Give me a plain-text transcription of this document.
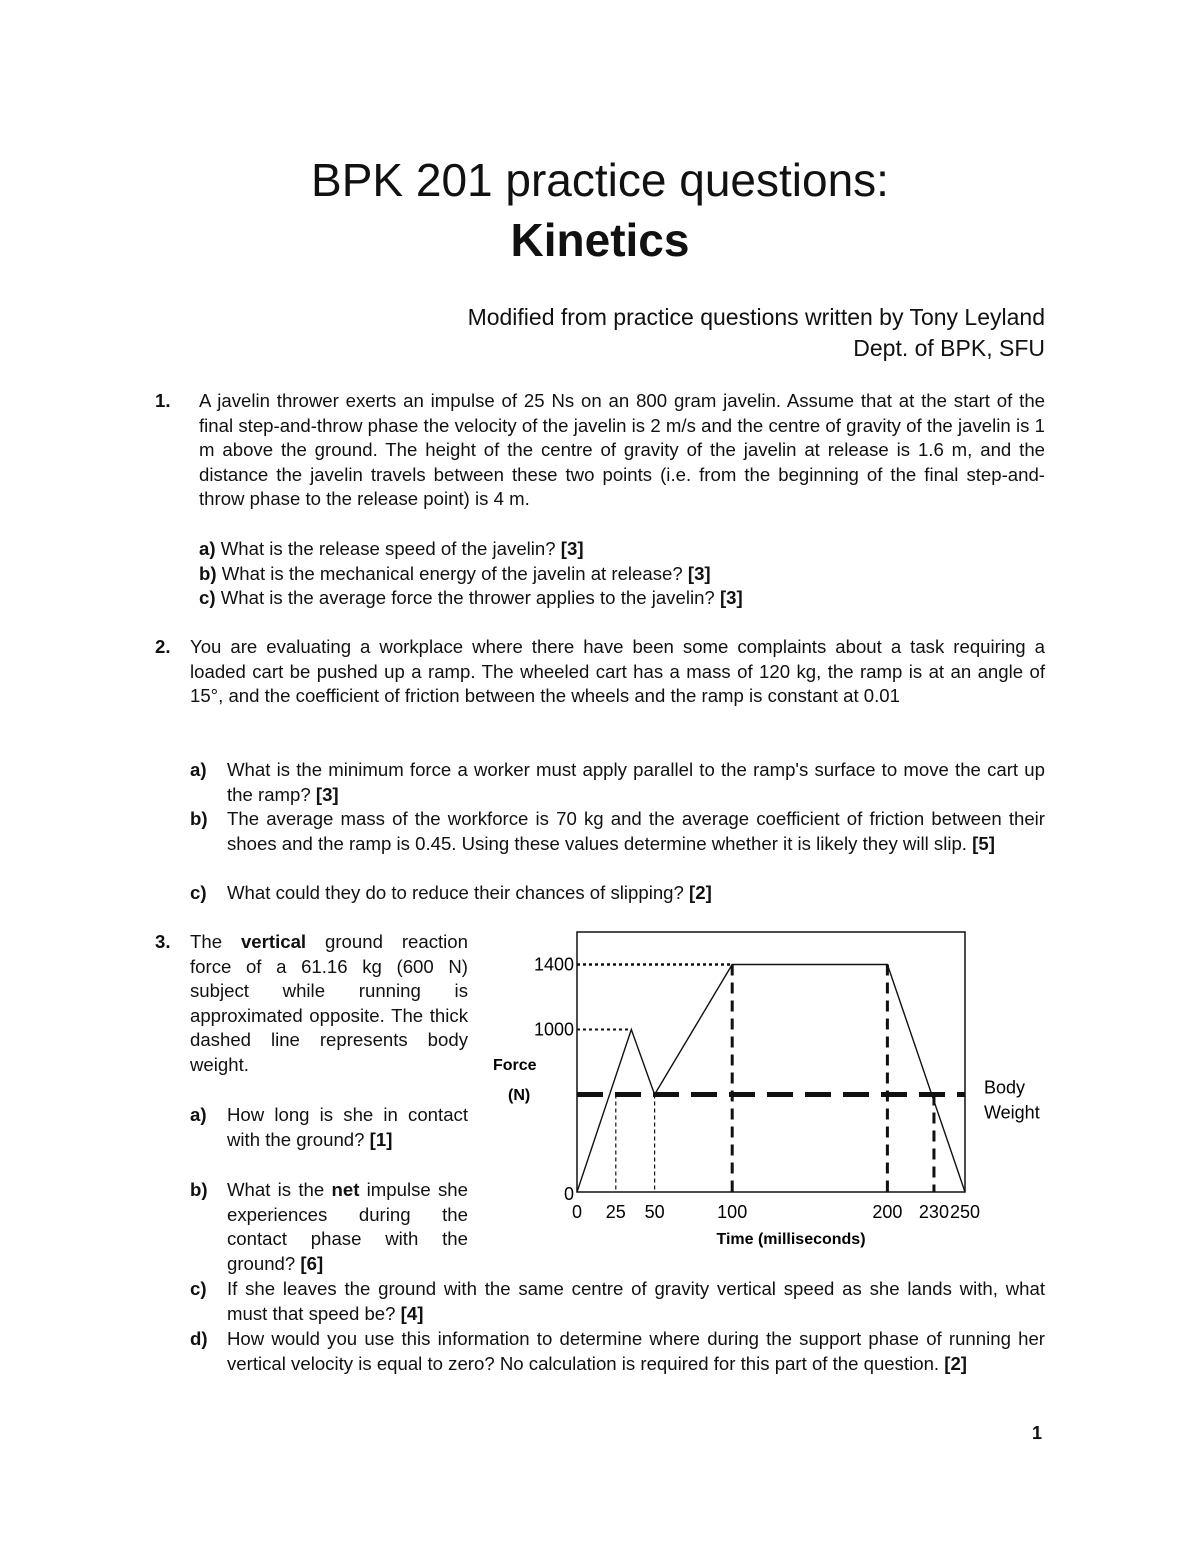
BPK 201 practice questions:
Kinetics
Modified from practice questions written by Tony Leyland
Dept. of BPK, SFU
1. A javelin thrower exerts an impulse of 25 Ns on an 800 gram javelin. Assume that at the start of the final step-and-throw phase the velocity of the javelin is 2 m/s and the centre of gravity of the javelin is 1 m above the ground. The height of the centre of gravity of the javelin at release is 1.6 m, and the distance the javelin travels between these two points (i.e. from the beginning of the final step-and-throw phase to the release point) is 4 m.
a) What is the release speed of the javelin? [3]
b) What is the mechanical energy of the javelin at release? [3]
c) What is the average force the thrower applies to the javelin? [3]
2. You are evaluating a workplace where there have been some complaints about a task requiring a loaded cart be pushed up a ramp. The wheeled cart has a mass of 120 kg, the ramp is at an angle of 15°, and the coefficient of friction between the wheels and the ramp is constant at 0.01
a) What is the minimum force a worker must apply parallel to the ramp's surface to move the cart up the ramp? [3]
b) The average mass of the workforce is 70 kg and the average coefficient of friction between their shoes and the ramp is 0.45. Using these values determine whether it is likely they will slip. [5]
c) What could they do to reduce their chances of slipping? [2]
3. The vertical ground reaction force of a 61.16 kg (600 N) subject while running is approximated opposite. The thick dashed line represents body weight.
a) How long is she in contact with the ground? [1]
b) What is the net impulse she experiences during the contact phase with the ground? [6]
c) If she leaves the ground with the same centre of gravity vertical speed as she lands with, what must that speed be? [4]
d) How would you use this information to determine where during the support phase of running her vertical velocity is equal to zero? No calculation is required for this part of the question. [2]
0 25 50	100	200 230 250
0
1000
1400
Force
(N)
Time (milliseconds)
Body
Weight
1
